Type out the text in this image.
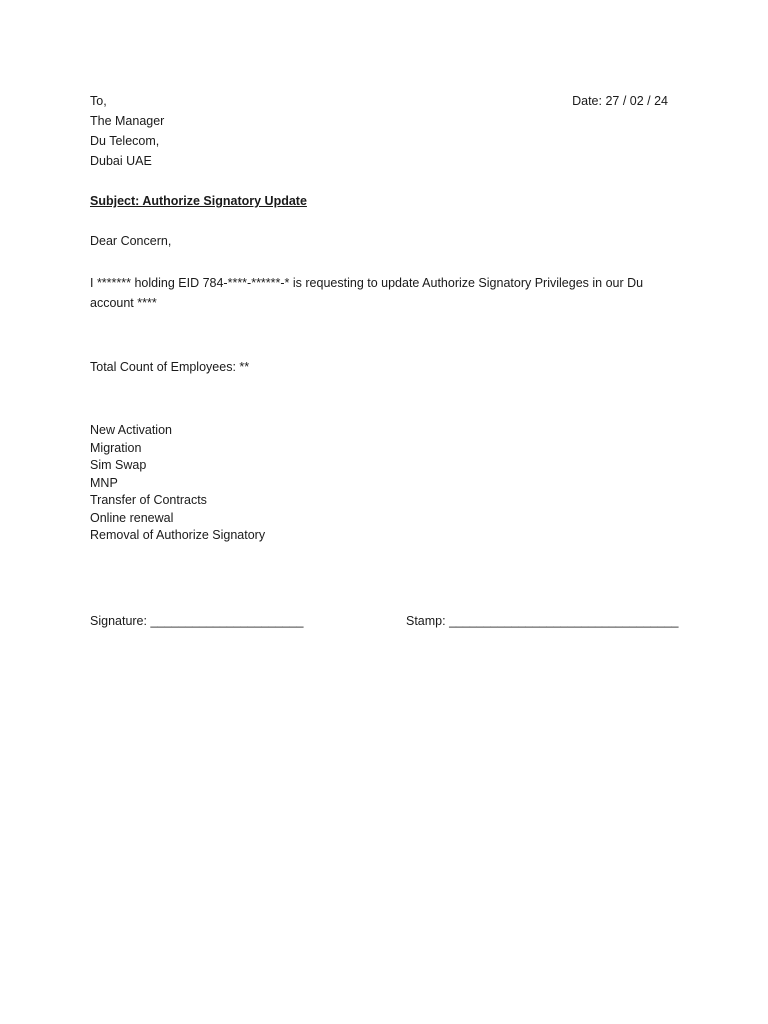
To,	Date: 27 / 02 / 24
The Manager
Du Telecom,
Dubai UAE
Subject: Authorize Signatory Update
Dear Concern,
I ******* holding EID 784-****-******-* is requesting to update Authorize Signatory Privileges in our Du account ****
Total Count of Employees: **
New Activation
Migration
Sim Swap
MNP
Transfer of Contracts
Online renewal
Removal of Authorize Signatory
Signature: ______________________	Stamp: _________________________________
